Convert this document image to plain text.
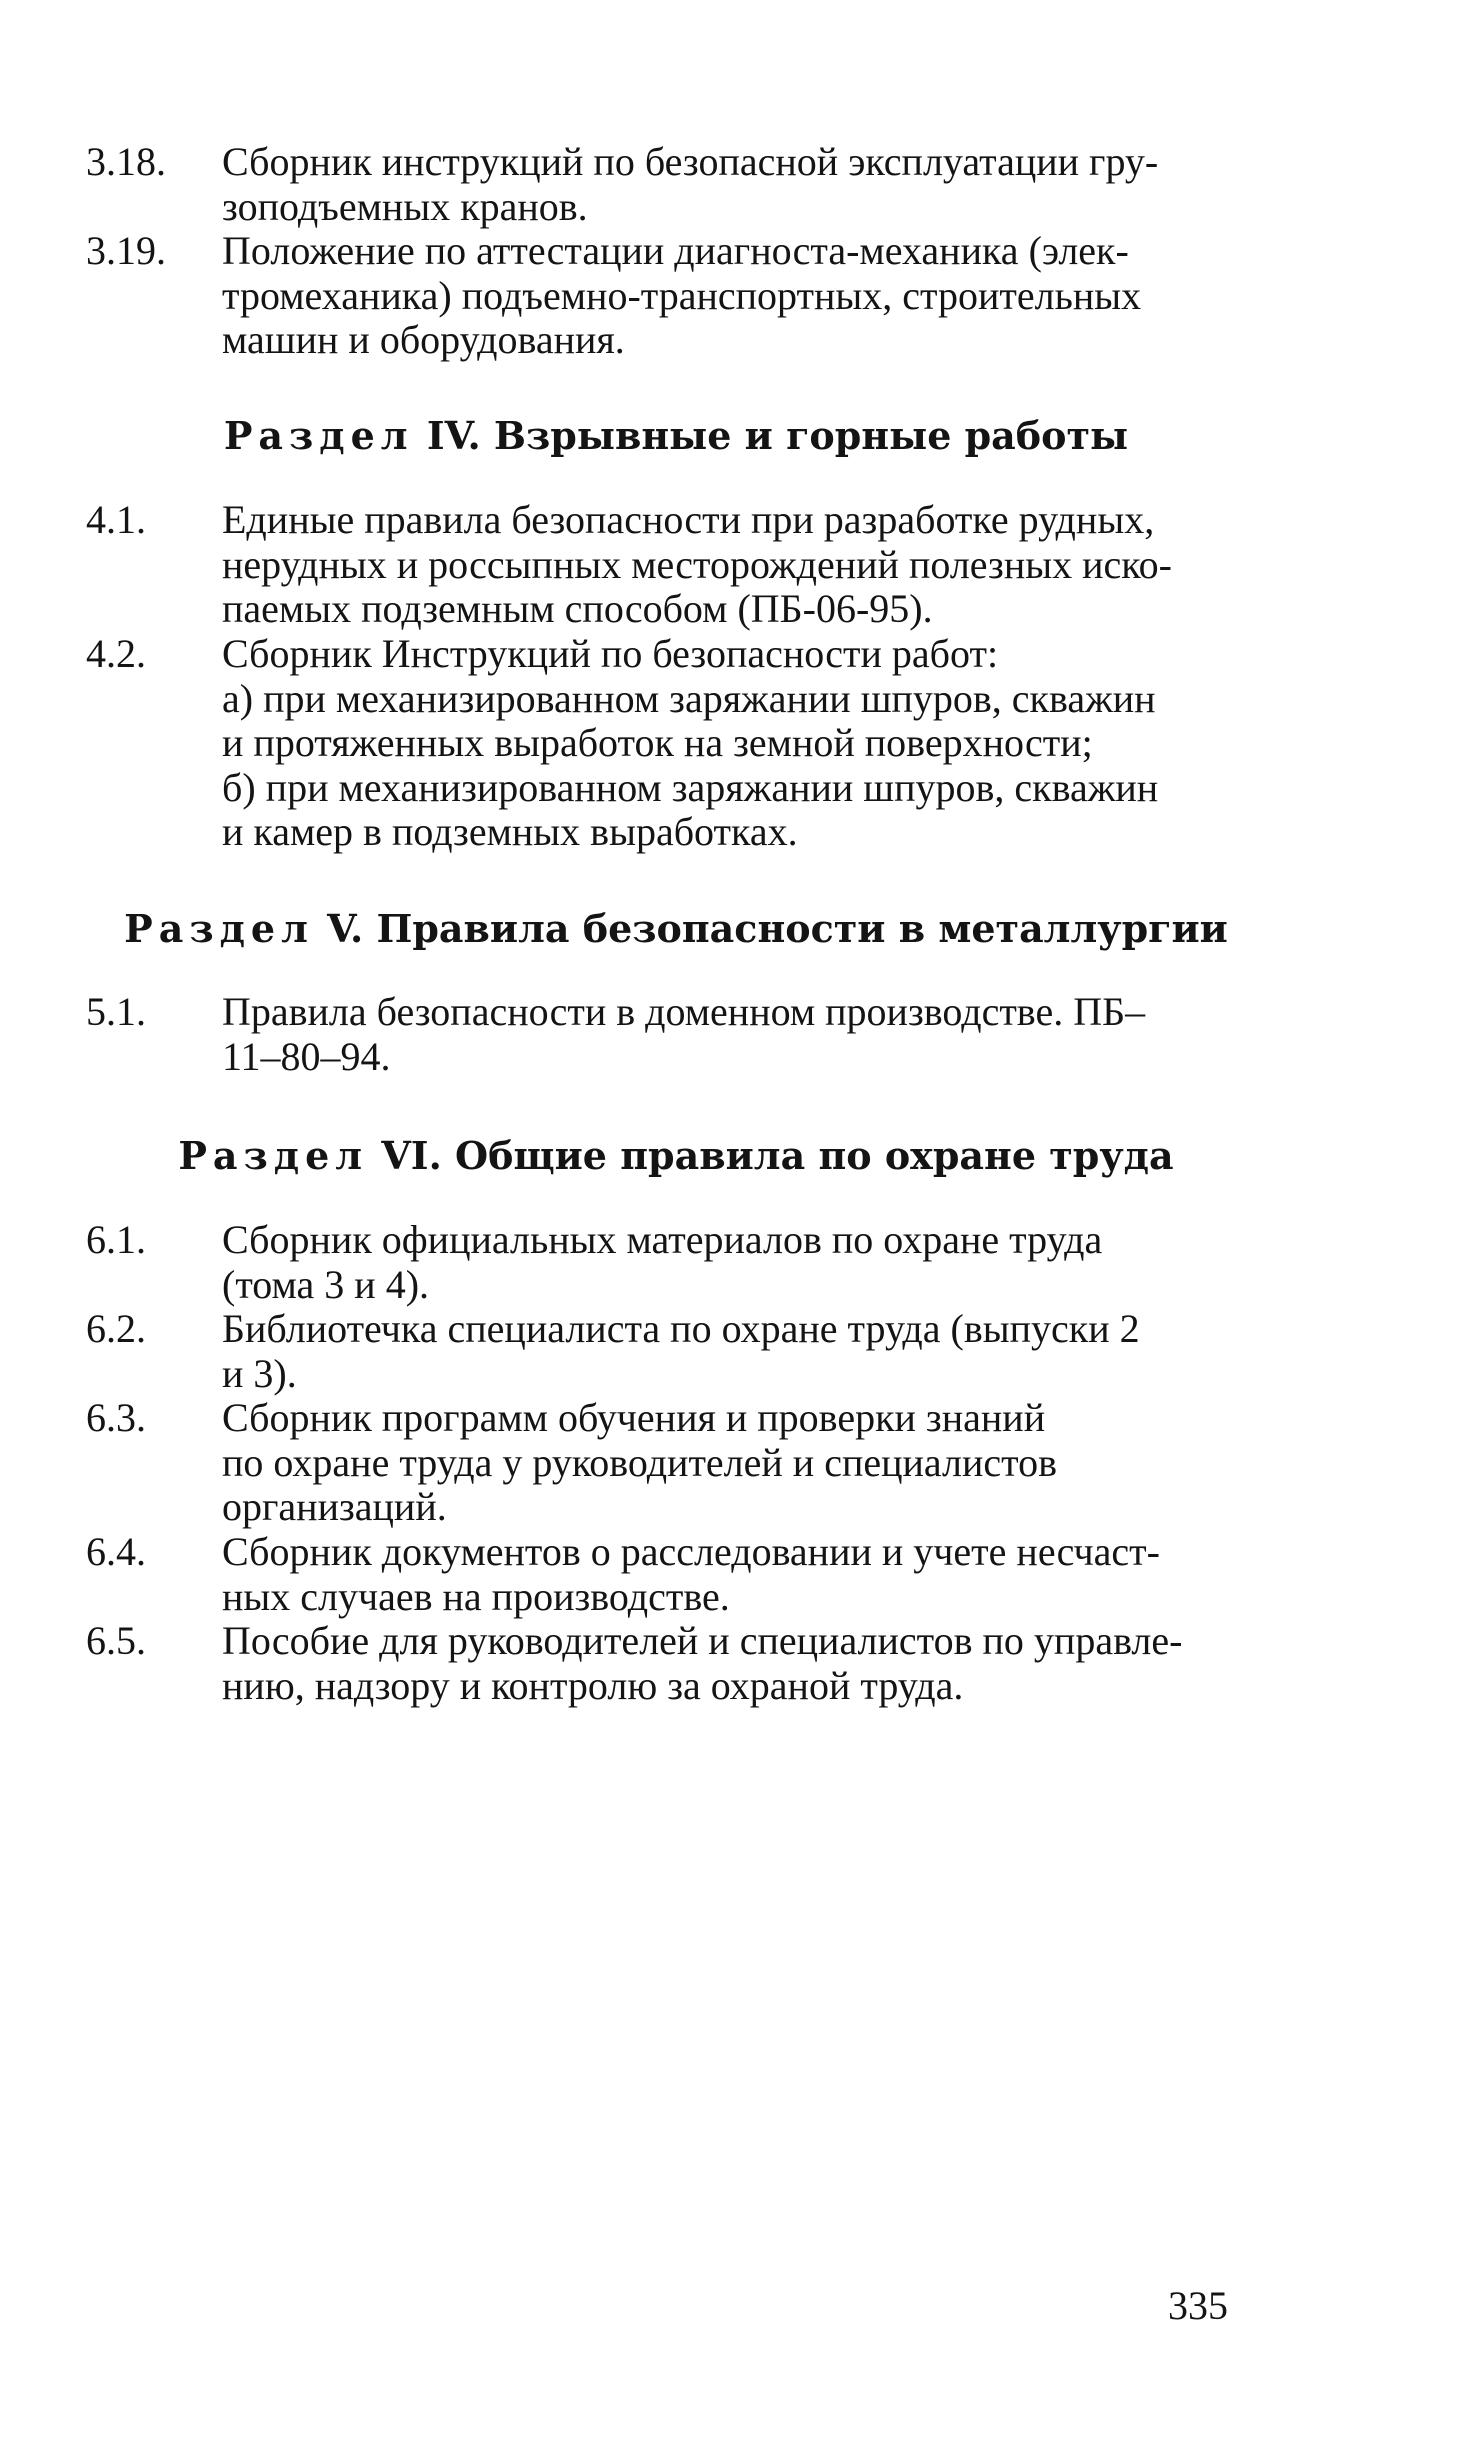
3.18.	Сборник инструкций по безопасной эксплуатации гру-
зоподъемных кранов.
3.19.	Положение по аттестации диагноста-механика (элек-
тромеханика) подъемно-транспортных, строительных
машин и оборудования.
Раздел IV. Взрывные и горные работы
4.1.	Единые правила безопасности при разработке рудных,
нерудных и россыпных месторождений полезных иско-
паемых подземным способом (ПБ-06-95).
4.2.	Сборник Инструкций по безопасности работ:
а) при механизированном заряжании шпуров, скважин
и протяженных выработок на земной поверхности;
б) при механизированном заряжании шпуров, скважин
и камер в подземных выработках.
Раздел V. Правила безопасности в металлургии
5.1.	Правила безопасности в доменном производстве. ПБ–
11–80–94.
Раздел VI. Общие правила по охране труда
6.1.	Сборник официальных материалов по охране труда
(тома 3 и 4).
6.2.	Библиотечка специалиста по охране труда (выпуски 2
и 3).
6.3.	Сборник программ обучения и проверки знаний
по охране труда у руководителей и специалистов
организаций.
6.4.	Сборник документов о расследовании и учете несчаст-
ных случаев на производстве.
6.5.	Пособие для руководителей и специалистов по управле-
нию, надзору и контролю за охраной труда.
335
